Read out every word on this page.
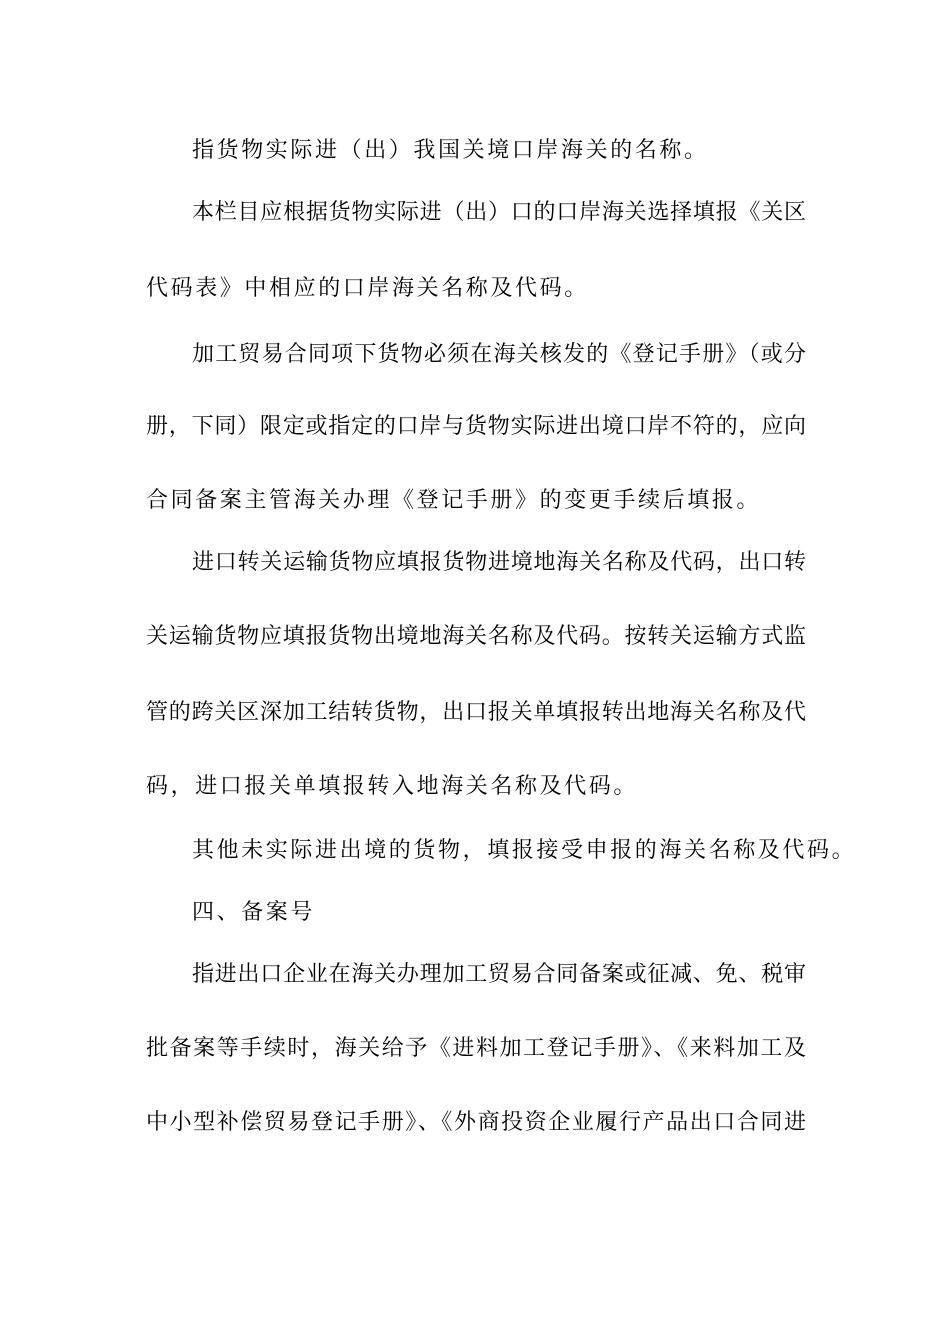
指货物实际进（出）我国关境口岸海关的名称。
本栏目应根据货物实际进（出）口的口岸海关选择填报《关区
代码表》中相应的口岸海关名称及代码。
加工贸易合同项下货物必须在海关核发的《登记手册》（或分
册，下同）限定或指定的口岸与货物实际进出境口岸不符的，应向
合同备案主管海关办理《登记手册》的变更手续后填报。
进口转关运输货物应填报货物进境地海关名称及代码，出口转
关运输货物应填报货物出境地海关名称及代码。按转关运输方式监
管的跨关区深加工结转货物，出口报关单填报转出地海关名称及代
码，进口报关单填报转入地海关名称及代码。
其他未实际进出境的货物，填报接受申报的海关名称及代码。
四、备案号
指进出口企业在海关办理加工贸易合同备案或征减、免、税审
批备案等手续时，海关给予《进料加工登记手册》、《来料加工及
中小型补偿贸易登记手册》、《外商投资企业履行产品出口合同进
